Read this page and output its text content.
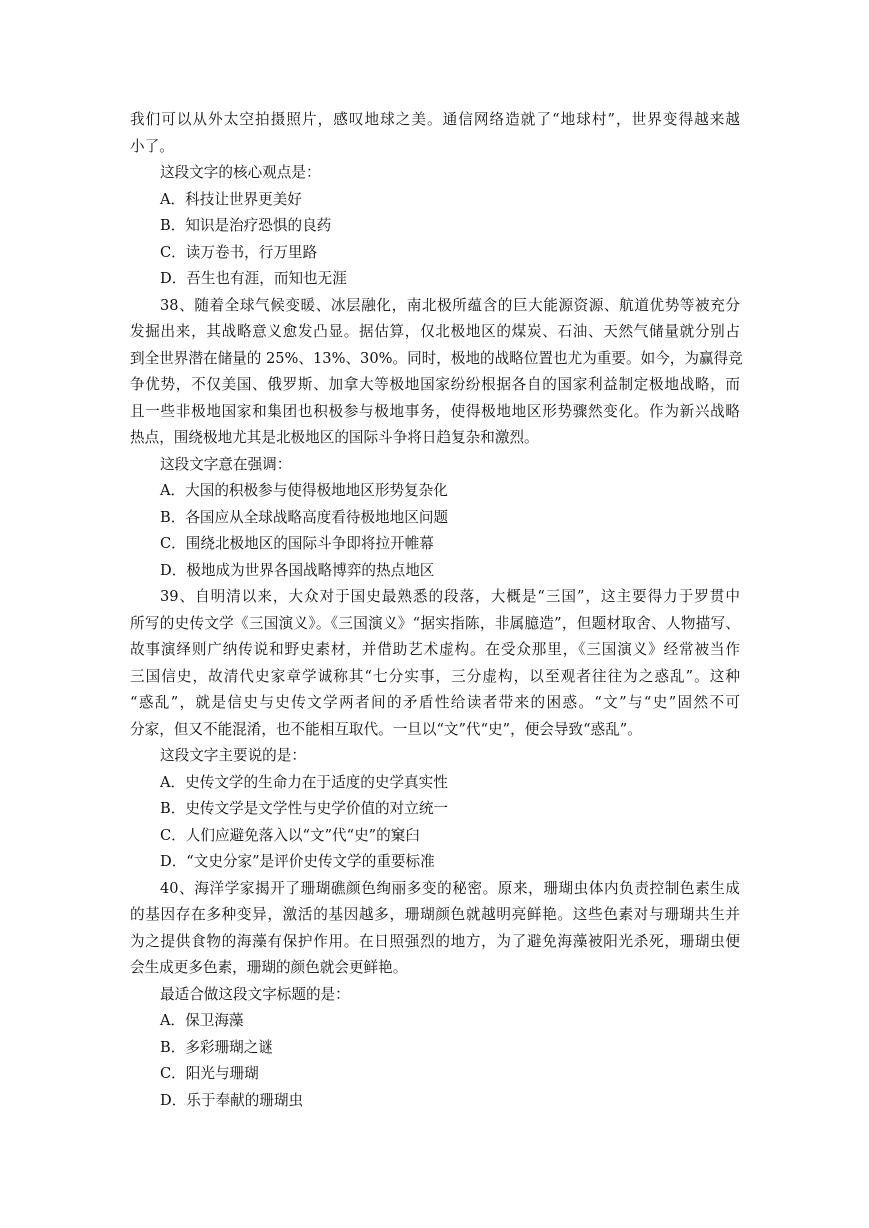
我们可以从外太空拍摄照片，感叹地球之美。通信网络造就了“地球村”，世界变得越来越
小了。
这段文字的核心观点是：
A．科技让世界更美好
B．知识是治疗恐惧的良药
C．读万卷书，行万里路
D．吾生也有涯，而知也无涯
38、随着全球气候变暖、冰层融化，南北极所蕴含的巨大能源资源、航道优势等被充分
发掘出来，其战略意义愈发凸显。据估算，仅北极地区的煤炭、石油、天然气储量就分别占
到全世界潜在储量的 25%、13%、30%。同时，极地的战略位置也尤为重要。如今，为赢得竞
争优势，不仅美国、俄罗斯、加拿大等极地国家纷纷根据各自的国家利益制定极地战略，而
且一些非极地国家和集团也积极参与极地事务，使得极地地区形势骤然变化。作为新兴战略
热点，围绕极地尤其是北极地区的国际斗争将日趋复杂和激烈。
这段文字意在强调：
A．大国的积极参与使得极地地区形势复杂化
B．各国应从全球战略高度看待极地地区问题
C．围绕北极地区的国际斗争即将拉开帷幕
D．极地成为世界各国战略博弈的热点地区
39、自明清以来，大众对于国史最熟悉的段落，大概是“三国”，这主要得力于罗贯中
所写的史传文学《三国演义》。《三国演义》“据实指陈，非属臆造”，但题材取舍、人物描写、
故事演绎则广纳传说和野史素材，并借助艺术虚构。在受众那里，《三国演义》经常被当作
三国信史，故清代史家章学诚称其“七分实事，三分虚构，以至观者往往为之惑乱”。这种
“惑乱”，就是信史与史传文学两者间的矛盾性给读者带来的困惑。“文”与“史”固然不可
分家，但又不能混淆，也不能相互取代。一旦以“文”代“史”，便会导致“惑乱”。
这段文字主要说的是：
A．史传文学的生命力在于适度的史学真实性
B．史传文学是文学性与史学价值的对立统一
C．人们应避免落入以“文”代“史”的窠臼
D．“文史分家”是评价史传文学的重要标准
40、海洋学家揭开了珊瑚礁颜色绚丽多变的秘密。原来，珊瑚虫体内负责控制色素生成
的基因存在多种变异，激活的基因越多，珊瑚颜色就越明亮鲜艳。这些色素对与珊瑚共生并
为之提供食物的海藻有保护作用。在日照强烈的地方，为了避免海藻被阳光杀死，珊瑚虫便
会生成更多色素，珊瑚的颜色就会更鲜艳。
最适合做这段文字标题的是：
A．保卫海藻
B．多彩珊瑚之谜
C．阳光与珊瑚
D．乐于奉献的珊瑚虫
